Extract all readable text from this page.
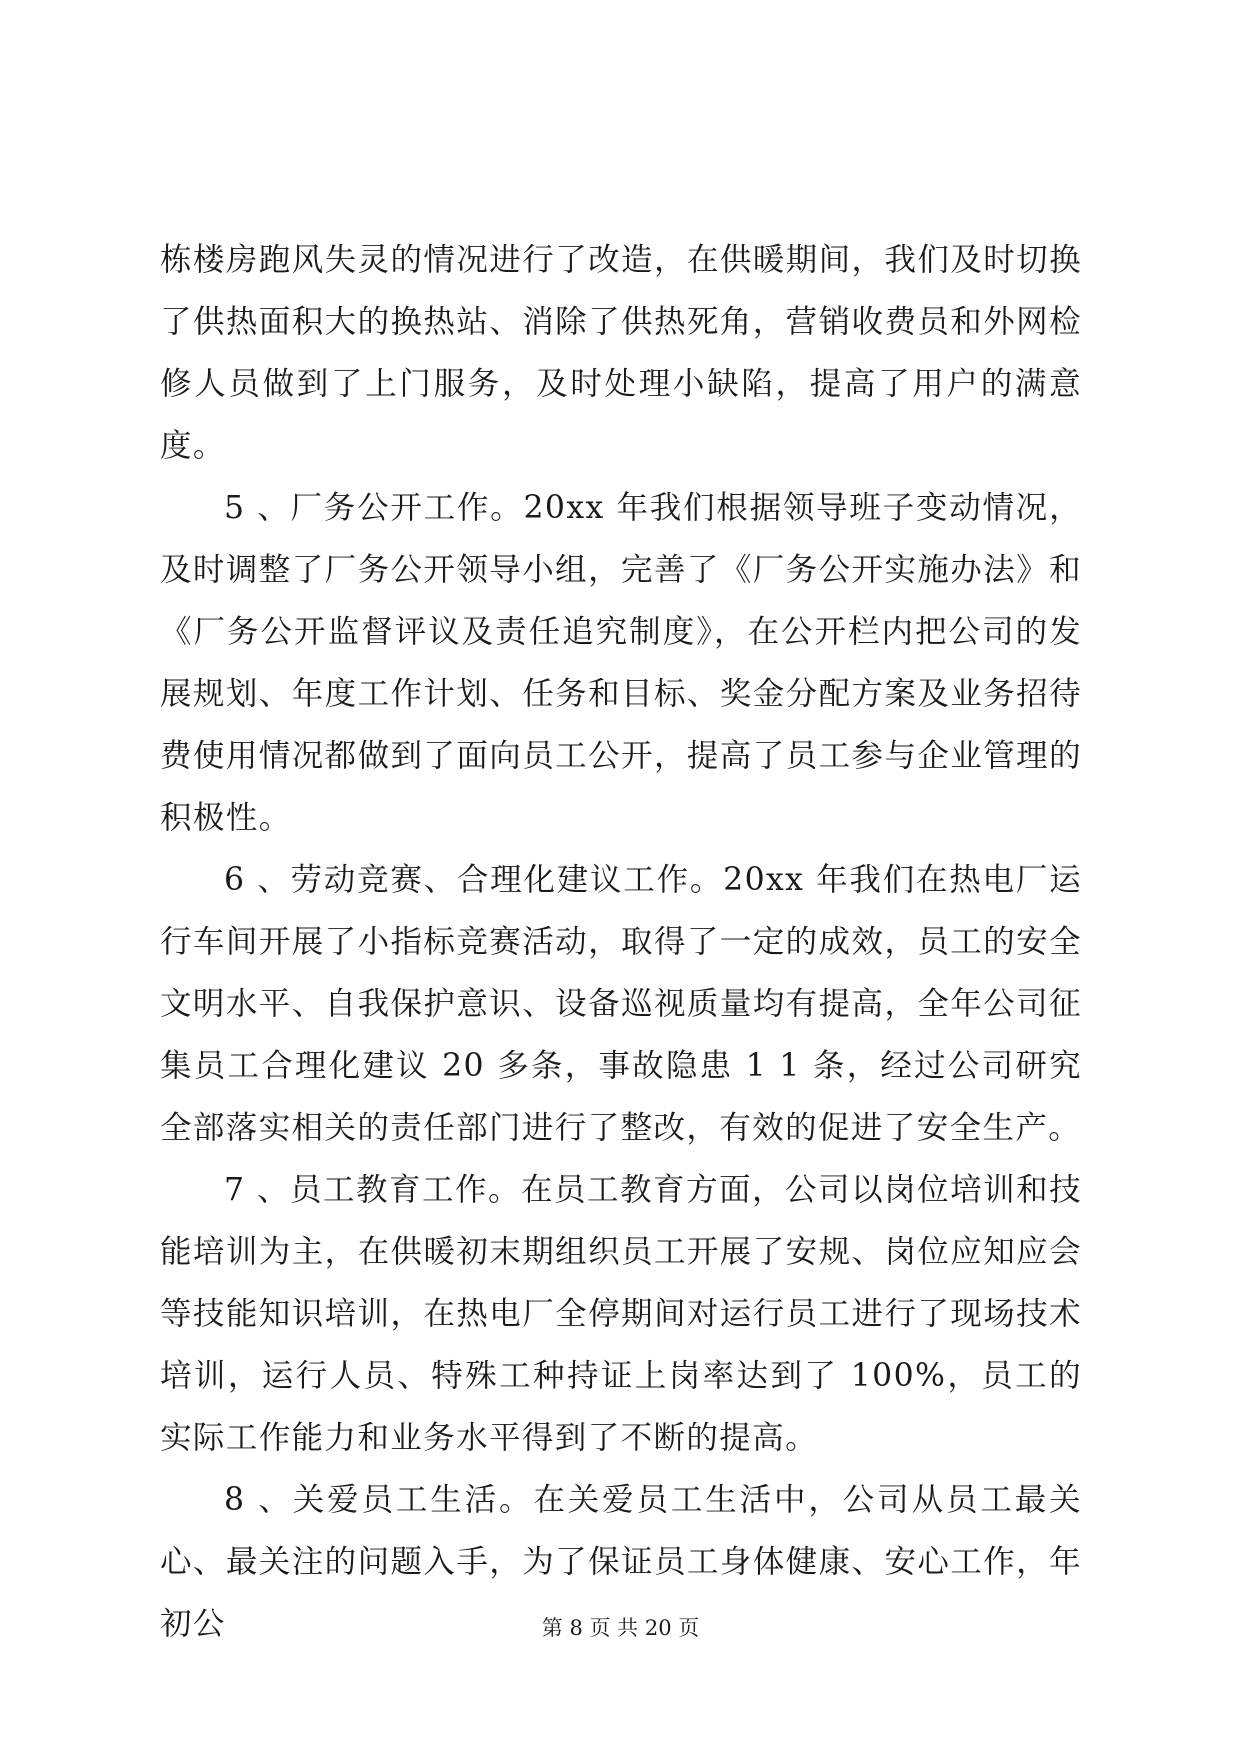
栋楼房跑风失灵的情况进行了改造，在供暖期间，我们及时切换了供热面积大的换热站、消除了供热死角，营销收费员和外网检修人员做到了上门服务，及时处理小缺陷，提高了用户的满意度。

5 、厂务公开工作。20xx 年我们根据领导班子变动情况，及时调整了厂务公开领导小组，完善了《厂务公开实施办法》和《厂务公开监督评议及责任追究制度》，在公开栏内把公司的发展规划、年度工作计划、任务和目标、奖金分配方案及业务招待费使用情况都做到了面向员工公开，提高了员工参与企业管理的积极性。

6 、劳动竞赛、合理化建议工作。20xx 年我们在热电厂运行车间开展了小指标竞赛活动，取得了一定的成效，员工的安全文明水平、自我保护意识、设备巡视质量均有提高，全年公司征集员工合理化建议 20 多条，事故隐患 1 1 条，经过公司研究全部落实相关的责任部门进行了整改，有效的促进了安全生产。

7 、员工教育工作。在员工教育方面，公司以岗位培训和技能培训为主，在供暖初末期组织员工开展了安规、岗位应知应会等技能知识培训，在热电厂全停期间对运行员工进行了现场技术培训，运行人员、特殊工种持证上岗率达到了 100%，员工的实际工作能力和业务水平得到了不断的提高。

8 、关爱员工生活。在关爱员工生活中，公司从员工最关心、最关注的问题入手，为了保证员工身体健康、安心工作，年初公	第 8 页 共 20 页
